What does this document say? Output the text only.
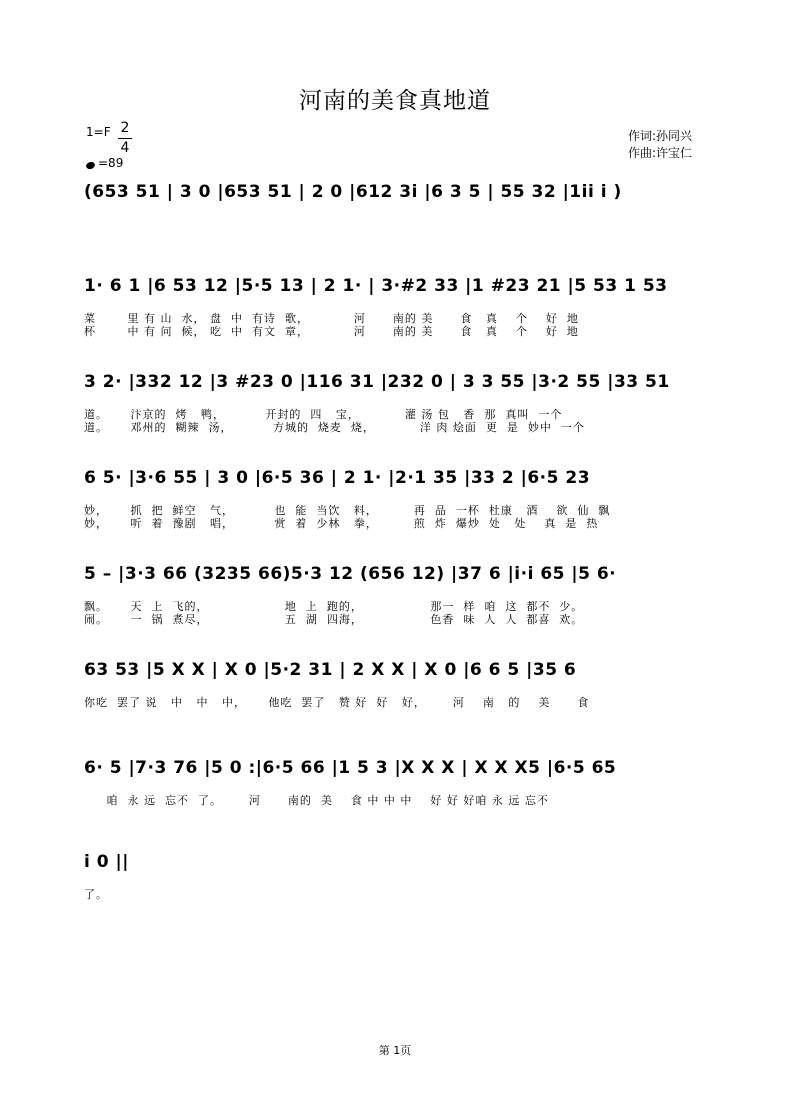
河南的美食真地道
1=F 2
4
=89
作词:孙同兴
作曲:许宝仁
(653 51 | 3 0 |653 51 | 2 0 |612 3i |6 3 5 | 55 32 |1ii i )
1· 6 1 |6 53 12 |5·5 13 | 2 1· | 3·#2 33 |1 #23 21 |5 53 1 53
菜       里 有 山  水， 盘  中  有诗  歌，          河      南的 美      食   真    个    好  地
杯       中 有 问  候， 吃  中  有文  章，          河      南的 美      食   真    个    好  地
3 2· |332 12 |3 #23 0 |116 31 |232 0 | 3 3 55 |3·2 55 |33 51
道。     汴京的  烤   鸭，         开封的  四   宝，          灌 汤 包   香  那  真叫  一个
道。     邓州的  糊辣  汤，         方城的  烧麦  烧，          洋 肉 烩面  更  是  妙中  一个
6 5· |3·6 55 | 3 0 |6·5 36 | 2 1· |2·1 35 |33 2 |6·5 23
妙，     抓  把  鲜空   气，         也  能  当饮   料，        再  品  一杯  杜康   酒    欲  仙  飘
妙，     听  着  豫剧   唱，         赏  着  少林   拳，        煎  炸  爆炒  处   处    真  是  热
5 – |3·3 66 (3235 66)5·3 12 (656 12) |37 6 |i·i 65 |5 6·
飘。     天  上  飞的，                 地  上  跑的，               那一  样  咱  这  都不  少。
闹。     一  锅  煮尽，                 五  湖  四海，               色香  味  人  人  都喜  欢。
63 53 |5 X X | X 0 |5·2 31 | 2 X X | X 0 |6 6 5 |35 6
你吃  罢了 说   中   中   中，     他吃  罢了   赞 好  好   好，      河    南   的    美      食
6· 5 |7·3 76 |5 0 :|6·5 66 |1 5 3 |X X X | X X X5 |6·5 65
咱  永 远  忘不  了。      河      南的  美    食 中 中 中    好 好 好咱 永 远 忘不
i 0 ||
了。
第 1页
